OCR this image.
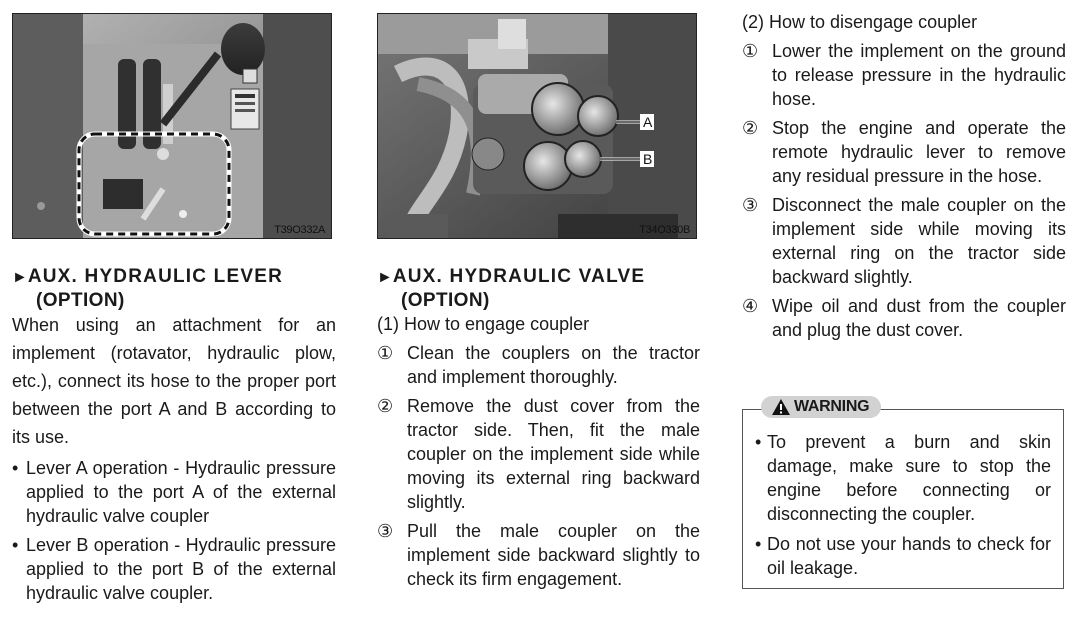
T39O332A
►AUX. HYDRAULIC LEVER
(OPTION)

When using an attachment for an implement (rotavator, hydraulic plow, etc.), connect its hose to the proper port between the port A and B according to its use.

• Lever A operation - Hydraulic pressure applied to the port A of the external hydraulic valve coupler
• Lever B operation - Hydraulic pressure applied to the port B of the external hydraulic valve coupler.
A
B
T34O330B
►AUX. HYDRAULIC VALVE
(OPTION)
(1) How to engage coupler
① Clean the couplers on the tractor and implement thoroughly.
② Remove the dust cover from the tractor side. Then, fit the male coupler on the implement side while moving its external ring backward slightly.
③ Pull the male coupler on the implement side backward slightly to check its firm engagement.
(2) How to disengage coupler
① Lower the implement on the ground to release pressure in the hydraulic hose.
② Stop the engine and operate the remote hydraulic lever to remove any residual pressure in the hose.
③ Disconnect the male coupler on the implement side while moving its external ring on the tractor side backward slightly.
④ Wipe oil and dust from the coupler and plug the dust cover.
WARNING
• To prevent a burn and skin damage, make sure to stop the engine before connecting or disconnecting the coupler.
• Do not use your hands to check for oil leakage.
